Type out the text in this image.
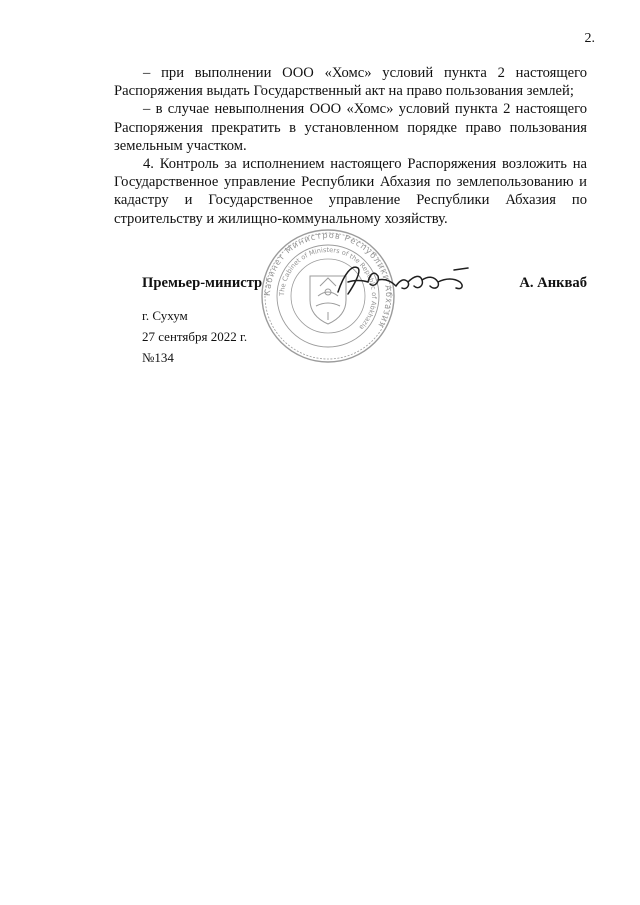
2.

– при выполнении ООО «Хомс» условий пункта 2 настоящего Распоряжения выдать Государственный акт на право пользования землей;

– в случае невыполнения ООО «Хомс» условий пункта 2 настоящего Распоряжения прекратить в установленном порядке право пользования земельным участком.

4. Контроль за исполнением настоящего Распоряжения возложить на Государственное управление Республики Абхазия по землепользованию и кадастру и Государственное управление Республики Абхазия по строительству и жилищно-коммунальному хозяйству.

Кабинет Министров Республики Абхазия
The Cabinet of Ministers of the Republic of Abkhazia
Премьер-министр	А. Анкваб
г. Сухум
27 сентября 2022 г.
№134
